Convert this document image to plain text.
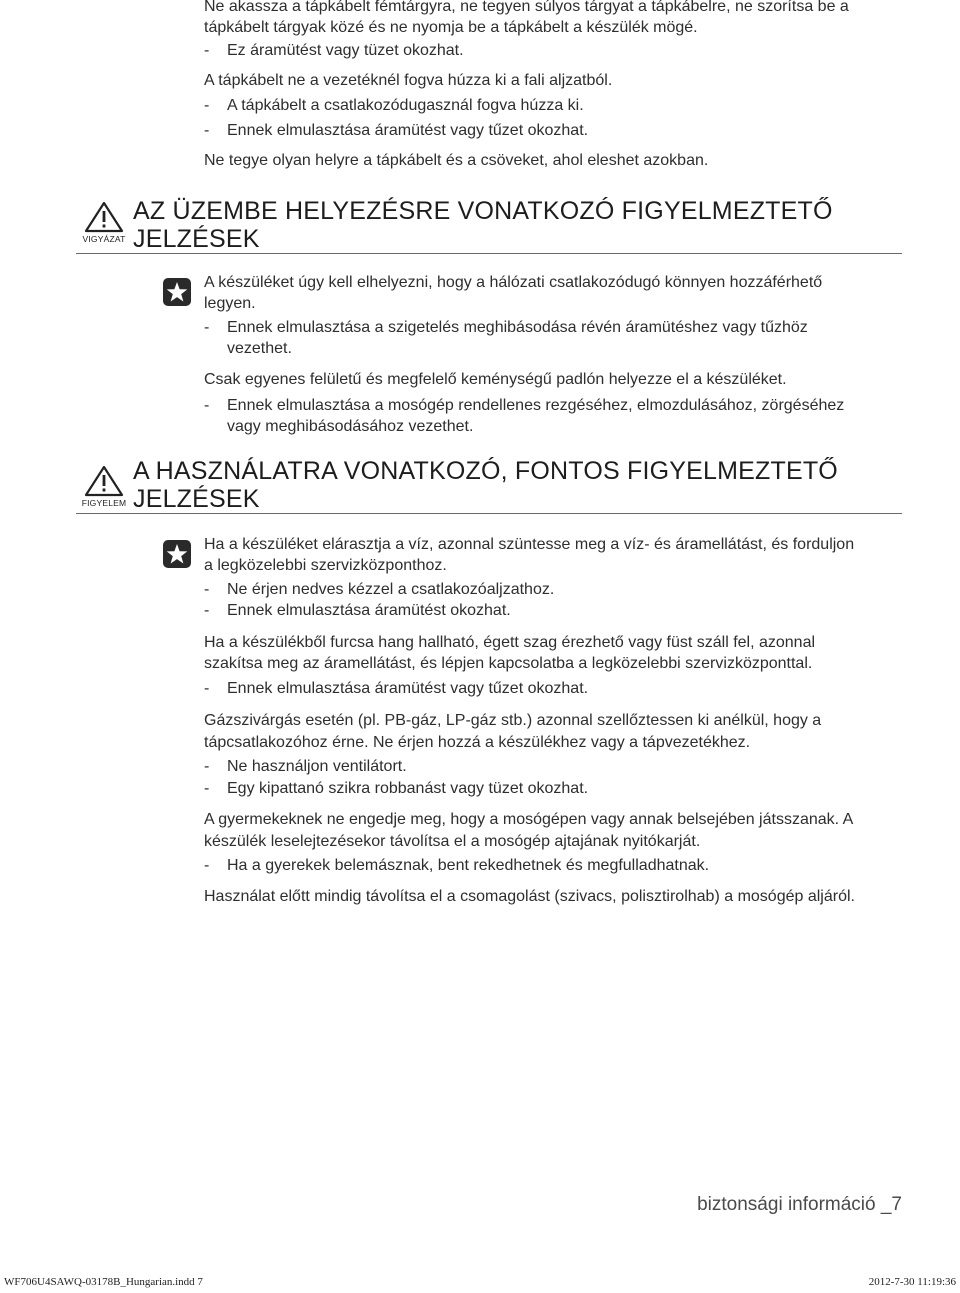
Ne akassza a tápkábelt fémtárgyra, ne tegyen súlyos tárgyat a tápkábelre, ne szorítsa be a
tápkábelt tárgyak közé és ne nyomja be a tápkábelt a készülék mögé.
- Ez áramütést vagy tüzet okozhat.
A tápkábelt ne a vezetéknél fogva húzza ki a fali aljzatból.
- A tápkábelt a csatlakozódugasznál fogva húzza ki.
- Ennek elmulasztása áramütést vagy tűzet okozhat.
Ne tegye olyan helyre a tápkábelt és a csöveket, ahol eleshet azokban.
VIGYÁZAT
AZ ÜZEMBE HELYEZÉSRE VONATKOZÓ FIGYELMEZTETŐ
JELZÉSEK
A készüléket úgy kell elhelyezni, hogy a hálózati csatlakozódugó könnyen hozzáférhető
legyen.
- Ennek elmulasztása a szigetelés meghibásodása révén áramütéshez vagy tűzhöz
vezethet.
Csak egyenes felületű és megfelelő keménységű padlón helyezze el a készüléket.
- Ennek elmulasztása a mosógép rendellenes rezgéséhez, elmozdulásához, zörgéséhez
vagy meghibásodásához vezethet.
FIGYELEM
A HASZNÁLATRA VONATKOZÓ, FONTOS FIGYELMEZTETŐ
JELZÉSEK
Ha a készüléket elárasztja a víz, azonnal szüntesse meg a víz- és áramellátást, és forduljon
a legközelebbi szervizközponthoz.
- Ne érjen nedves kézzel a csatlakozóaljzathoz.
- Ennek elmulasztása áramütést okozhat.
Ha a készülékből furcsa hang hallható, égett szag érezhető vagy füst száll fel, azonnal
szakítsa meg az áramellátást, és lépjen kapcsolatba a legközelebbi szervizközponttal.
- Ennek elmulasztása áramütést vagy tűzet okozhat.
Gázszivárgás esetén (pl. PB-gáz, LP-gáz stb.) azonnal szellőztessen ki anélkül, hogy a
tápcsatlakozóhoz érne. Ne érjen hozzá a készülékhez vagy a tápvezetékhez.
- Ne használjon ventilátort.
- Egy kipattanó szikra robbanást vagy tüzet okozhat.
A gyermekeknek ne engedje meg, hogy a mosógépen vagy annak belsejében játsszanak. A
készülék leselejtezésekor távolítsa el a mosógép ajtajának nyitókarját.
- Ha a gyerekek belemásznak, bent rekedhetnek és megfulladhatnak.
Használat előtt mindig távolítsa el a csomagolást (szivacs, polisztirolhab) a mosógép aljáról.
biztonsági információ _7
WF706U4SAWQ-03178B_Hungarian.indd 7	2012-7-30 11:19:36
